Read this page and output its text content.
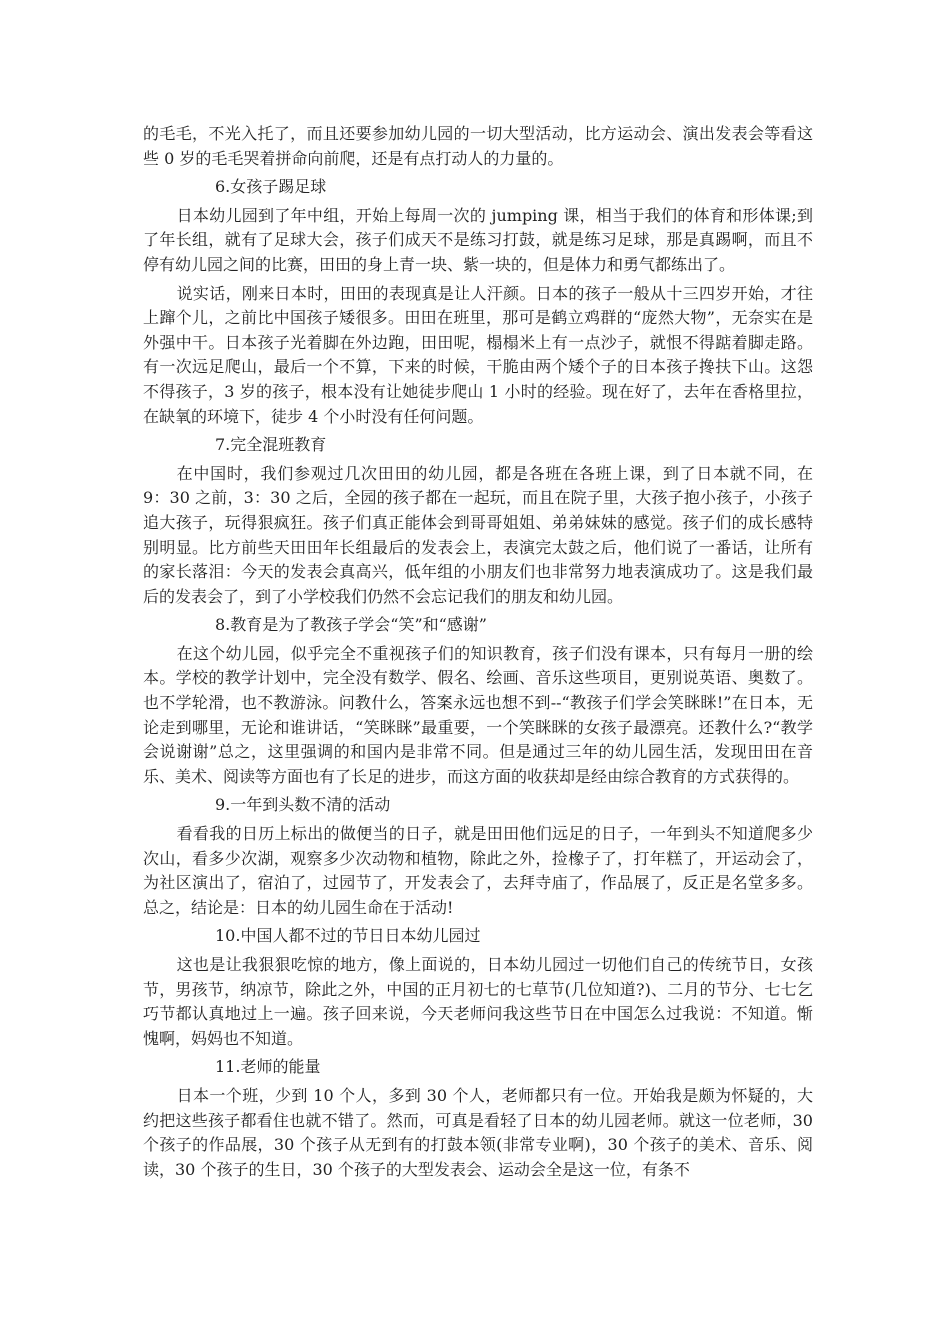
的毛毛，不光入托了，而且还要参加幼儿园的一切大型活动，比方运动会、演出发表会等看这些 0 岁的毛毛哭着拼命向前爬，还是有点打动人的力量的。

6.女孩子踢足球

日本幼儿园到了年中组，开始上每周一次的 jumping 课，相当于我们的体育和形体课;到了年长组，就有了足球大会，孩子们成天不是练习打鼓，就是练习足球，那是真踢啊，而且不停有幼儿园之间的比赛，田田的身上青一块、紫一块的，但是体力和勇气都练出了。

说实话，刚来日本时，田田的表现真是让人汗颜。日本的孩子一般从十三四岁开始，才往上蹿个儿，之前比中国孩子矮很多。田田在班里，那可是鹤立鸡群的“庞然大物”，无奈实在是外强中干。日本孩子光着脚在外边跑，田田呢，榻榻米上有一点沙子，就恨不得踮着脚走路。有一次远足爬山，最后一个不算，下来的时候，干脆由两个矮个子的日本孩子搀扶下山。这怨不得孩子，3 岁的孩子，根本没有让她徒步爬山 1 小时的经验。现在好了，去年在香格里拉，在缺氧的环境下，徒步 4 个小时没有任何问题。

7.完全混班教育

在中国时，我们参观过几次田田的幼儿园，都是各班在各班上课，到了日本就不同，在 9：30 之前，3：30 之后，全园的孩子都在一起玩，而且在院子里，大孩子抱小孩子，小孩子追大孩子，玩得狠疯狂。孩子们真正能体会到哥哥姐姐、弟弟妹妹的感觉。孩子们的成长感特别明显。比方前些天田田年长组最后的发表会上，表演完太鼓之后，他们说了一番话，让所有的家长落泪：今天的发表会真高兴，低年组的小朋友们也非常努力地表演成功了。这是我们最后的发表会了，到了小学校我们仍然不会忘记我们的朋友和幼儿园。

8.教育是为了教孩子学会“笑”和“感谢”

在这个幼儿园，似乎完全不重视孩子们的知识教育，孩子们没有课本，只有每月一册的绘本。学校的教学计划中，完全没有数学、假名、绘画、音乐这些项目，更别说英语、奥数了。也不学轮滑，也不教游泳。问教什么，答案永远也想不到--“教孩子们学会笑眯眯!”在日本，无论走到哪里，无论和谁讲话，“笑眯眯”最重要，一个笑眯眯的女孩子最漂亮。还教什么?“教学会说谢谢”总之，这里强调的和国内是非常不同。但是通过三年的幼儿园生活，发现田田在音乐、美术、阅读等方面也有了长足的进步，而这方面的收获却是经由综合教育的方式获得的。

9.一年到头数不清的活动

看看我的日历上标出的做便当的日子，就是田田他们远足的日子，一年到头不知道爬多少次山，看多少次湖，观察多少次动物和植物，除此之外，捡橡子了，打年糕了，开运动会了，为社区演出了，宿泊了，过园节了，开发表会了，去拜寺庙了，作品展了，反正是名堂多多。总之，结论是：日本的幼儿园生命在于活动!

10.中国人都不过的节日日本幼儿园过

这也是让我狠狠吃惊的地方，像上面说的，日本幼儿园过一切他们自己的传统节日，女孩节，男孩节，纳凉节，除此之外，中国的正月初七的七草节(几位知道?)、二月的节分、七七乞巧节都认真地过上一遍。孩子回来说，今天老师问我这些节日在中国怎么过我说：不知道。惭愧啊，妈妈也不知道。

11.老师的能量

日本一个班，少到 10 个人，多到 30 个人，老师都只有一位。开始我是颇为怀疑的，大约把这些孩子都看住也就不错了。然而，可真是看轻了日本的幼儿园老师。就这一位老师，30 个孩子的作品展，30 个孩子从无到有的打鼓本领(非常专业啊)，30 个孩子的美术、音乐、阅读，30 个孩子的生日，30 个孩子的大型发表会、运动会全是这一位，有条不
